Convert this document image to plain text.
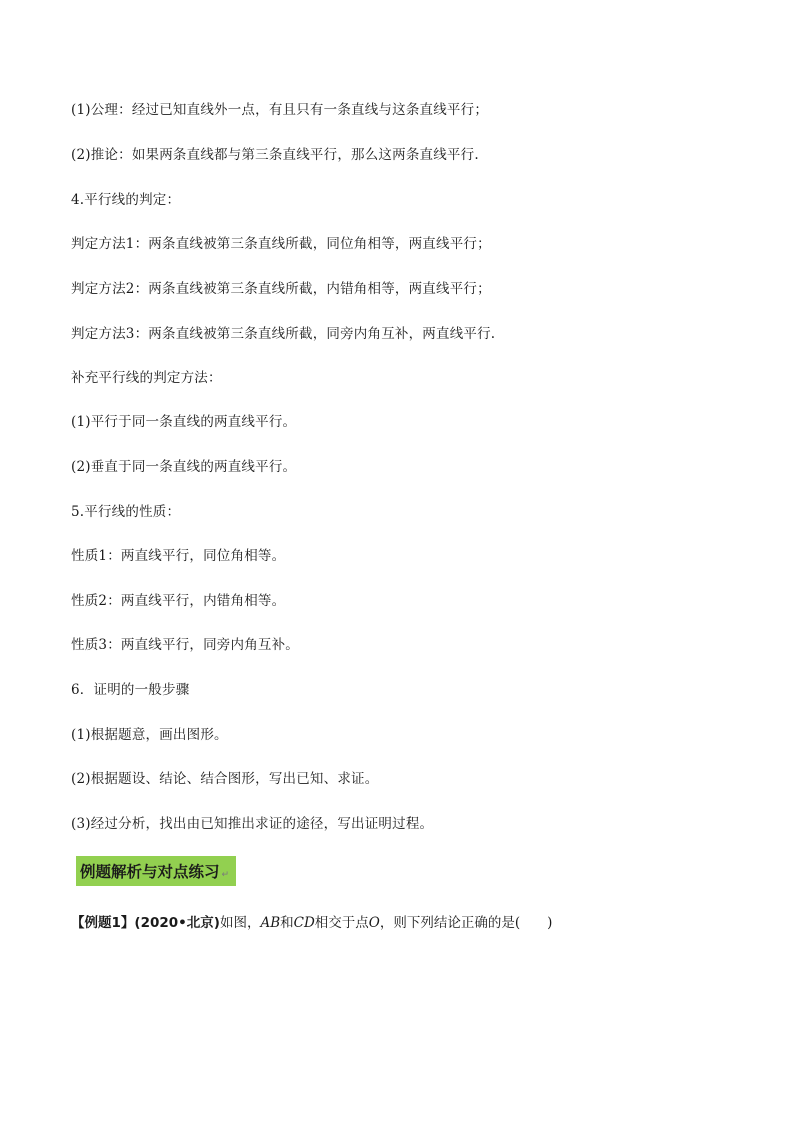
(1)公理：经过已知直线外一点，有且只有一条直线与这条直线平行；
(2)推论：如果两条直线都与第三条直线平行，那么这两条直线平行.
4.平行线的判定：
判定方法1：两条直线被第三条直线所截，同位角相等，两直线平行；
判定方法2：两条直线被第三条直线所截，内错角相等，两直线平行；
判定方法3：两条直线被第三条直线所截，同旁内角互补，两直线平行.
补充平行线的判定方法：
(1)平行于同一条直线的两直线平行。
(2)垂直于同一条直线的两直线平行。
5.平行线的性质：
性质1：两直线平行，同位角相等。
性质2：两直线平行，内错角相等。
性质3：两直线平行，同旁内角互补。
6．证明的一般步骤
(1)根据题意，画出图形。
(2)根据题设、结论、结合图形，写出已知、求证。
(3)经过分析，找出由已知推出求证的途径，写出证明过程。
例题解析与对点练习 ↵
【例题1】(2020•北京)如图，AB和CD相交于点O，则下列结论正确的是(　　)
